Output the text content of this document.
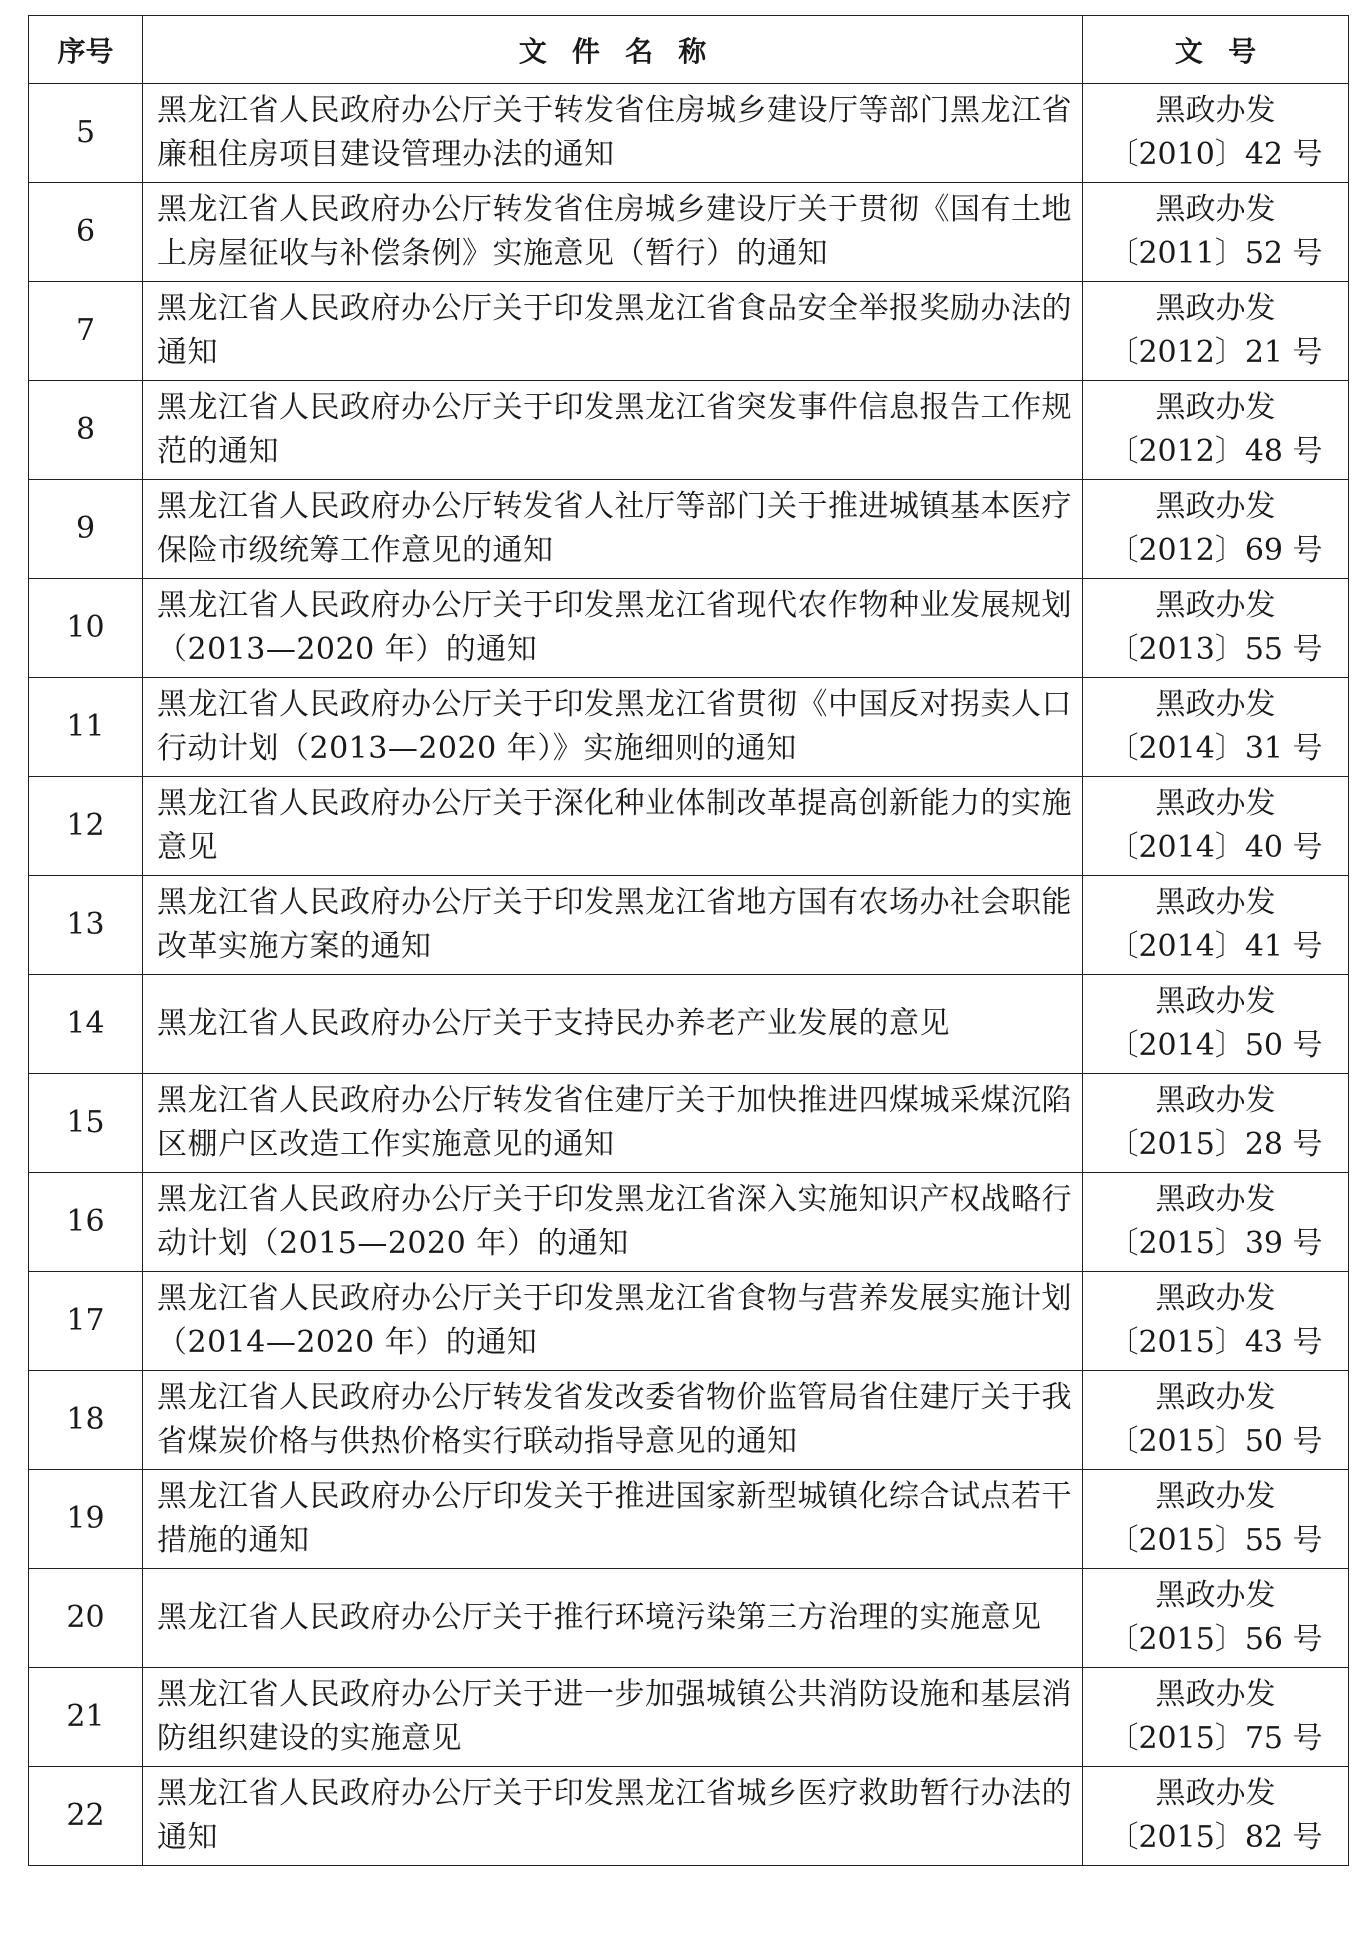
序号	文件名称	文号
5	黑龙江省人民政府办公厅关于转发省住房城乡建设厅等部门黑龙江省廉租住房项目建设管理办法的通知	黑政办发
〔2010〕42 号

6	黑龙江省人民政府办公厅转发省住房城乡建设厅关于贯彻《国有土地上房屋征收与补偿条例》实施意见（暂行）的通知	黑政办发
〔2011〕52 号

7	黑龙江省人民政府办公厅关于印发黑龙江省食品安全举报奖励办法的通知	黑政办发
〔2012〕21 号

8	黑龙江省人民政府办公厅关于印发黑龙江省突发事件信息报告工作规范的通知	黑政办发
〔2012〕48 号

9	黑龙江省人民政府办公厅转发省人社厅等部门关于推进城镇基本医疗保险市级统筹工作意见的通知	黑政办发
〔2012〕69 号

10	黑龙江省人民政府办公厅关于印发黑龙江省现代农作物种业发展规划（2013—2020 年）的通知	黑政办发
〔2013〕55 号

11	黑龙江省人民政府办公厅关于印发黑龙江省贯彻《中国反对拐卖人口行动计划（2013—2020 年）》实施细则的通知	黑政办发
〔2014〕31 号

12	黑龙江省人民政府办公厅关于深化种业体制改革提高创新能力的实施意见	黑政办发
〔2014〕40 号

13	黑龙江省人民政府办公厅关于印发黑龙江省地方国有农场办社会职能改革实施方案的通知	黑政办发
〔2014〕41 号

14	黑龙江省人民政府办公厅关于支持民办养老产业发展的意见	黑政办发
〔2014〕50 号

15	黑龙江省人民政府办公厅转发省住建厅关于加快推进四煤城采煤沉陷区棚户区改造工作实施意见的通知	黑政办发
〔2015〕28 号

16	黑龙江省人民政府办公厅关于印发黑龙江省深入实施知识产权战略行动计划（2015—2020 年）的通知	黑政办发
〔2015〕39 号

17	黑龙江省人民政府办公厅关于印发黑龙江省食物与营养发展实施计划（2014—2020 年）的通知	黑政办发
〔2015〕43 号

18	黑龙江省人民政府办公厅转发省发改委省物价监管局省住建厅关于我省煤炭价格与供热价格实行联动指导意见的通知	黑政办发
〔2015〕50 号

19	黑龙江省人民政府办公厅印发关于推进国家新型城镇化综合试点若干措施的通知	黑政办发
〔2015〕55 号

20	黑龙江省人民政府办公厅关于推行环境污染第三方治理的实施意见	黑政办发
〔2015〕56 号

21	黑龙江省人民政府办公厅关于进一步加强城镇公共消防设施和基层消防组织建设的实施意见	黑政办发
〔2015〕75 号

22	黑龙江省人民政府办公厅关于印发黑龙江省城乡医疗救助暂行办法的通知	黑政办发
〔2015〕82 号
